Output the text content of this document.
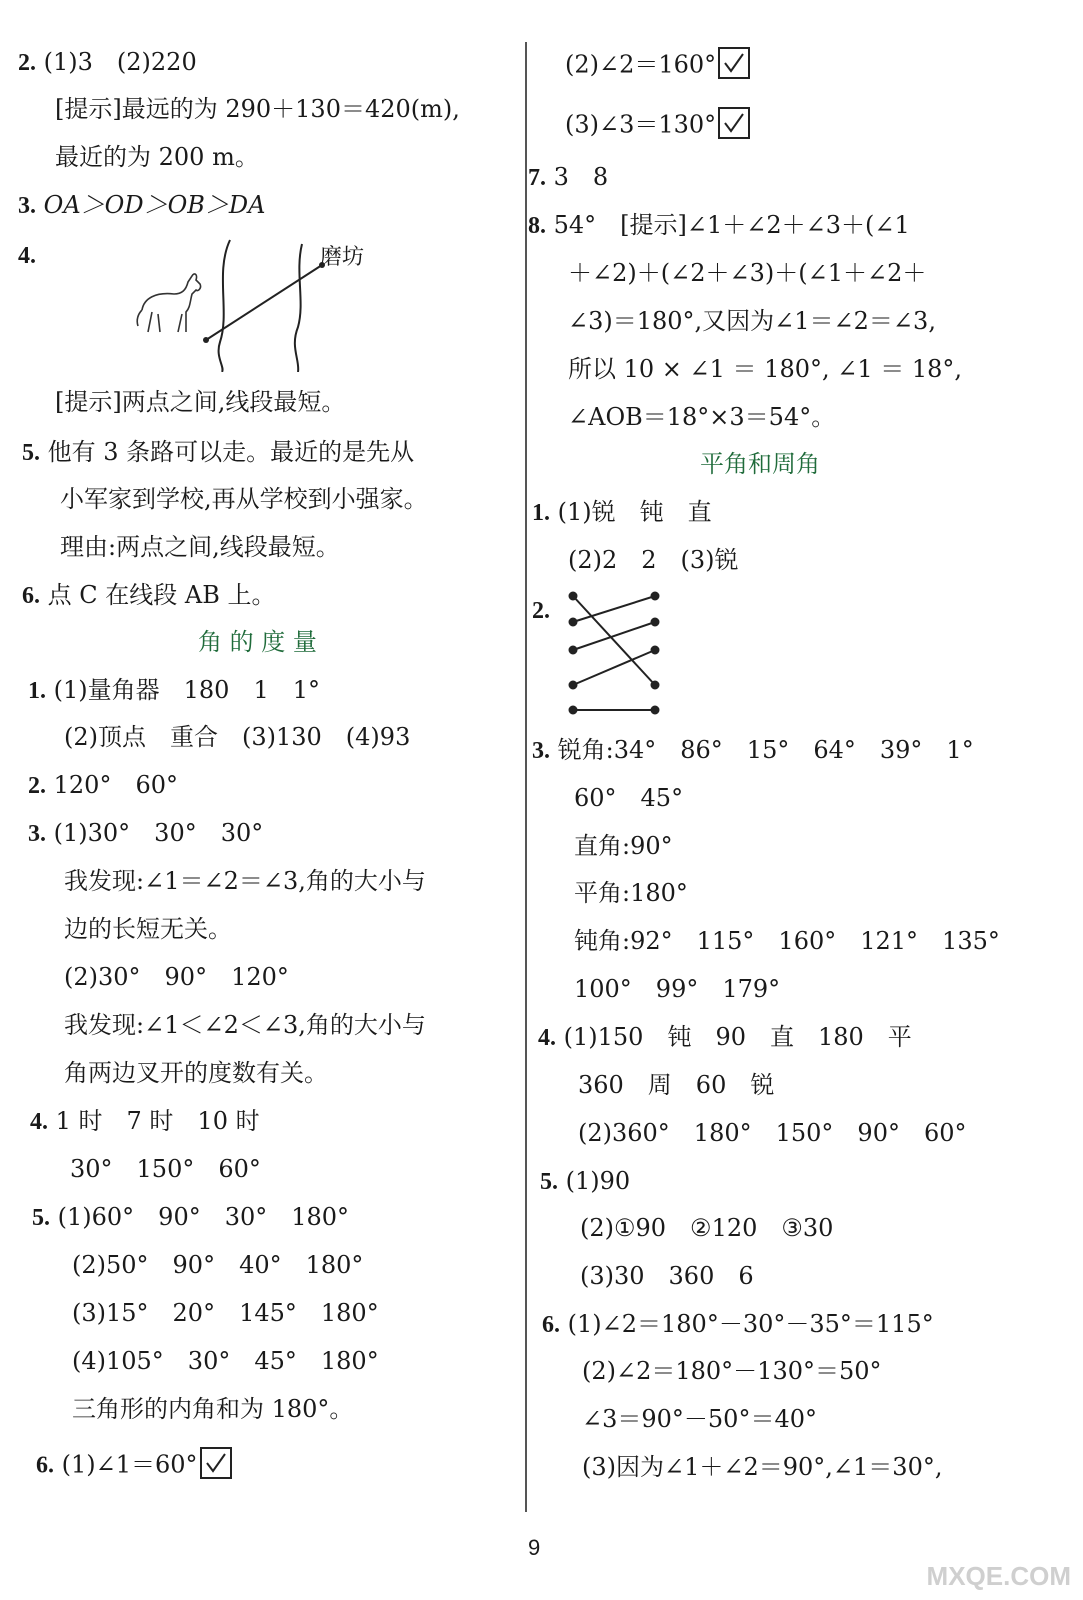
2. (1)3　(2)220
[提示]最远的为 290＋130＝420(m),
最近的为 200 m。
3. OA＞OD＞OB＞DA
4.	磨坊
[提示]两点之间,线段最短。
5. 他有 3 条路可以走。最近的是先从
小军家到学校,再从学校到小强家。
理由:两点之间,线段最短。
6. 点 C 在线段 AB 上。
角 的 度 量
1. (1)量角器　180　1　1°
(2)顶点　重合　(3)130　(4)93
2. 120°　60°
3. (1)30°　30°　30°
我发现:∠1＝∠2＝∠3,角的大小与
边的长短无关。
(2)30°　90°　120°
我发现:∠1＜∠2＜∠3,角的大小与
角两边叉开的度数有关。
4. 1 时　7 时　10 时
30°　150°　60°
5. (1)60°　90°　30°　180°
(2)50°　90°　40°　180°
(3)15°　20°　145°　180°
(4)105°　30°　45°　180°
三角形的内角和为 180°。
6. (1)∠1＝60°
(2)∠2＝160°
(3)∠3＝130°
7. 3　8
8. 54°　[提示]∠1＋∠2＋∠3＋(∠1
＋∠2)＋(∠2＋∠3)＋(∠1＋∠2＋
∠3)＝180°,又因为∠1＝∠2＝∠3,
所以 10 × ∠1 ＝ 180°, ∠1 ＝ 18°,
∠AOB＝18°×3＝54°。
平角和周角
1. (1)锐　钝　直
(2)2　2　(3)锐
2.
3. 锐角:34°　86°　15°　64°　39°　1°
60°　45°
直角:90°
平角:180°
钝角:92°　115°　160°　121°　135°
100°　99°　179°
4. (1)150　钝　90　直　180　平
360　周　60　锐
(2)360°　180°　150°　90°　60°
5. (1)90
(2)①90　②120　③30
(3)30　360　6
6. (1)∠2＝180°－30°－35°＝115°
(2)∠2＝180°－130°＝50°
∠3＝90°－50°＝40°
(3)因为∠1＋∠2＝90°,∠1＝30°,
9
MXQE.COM
